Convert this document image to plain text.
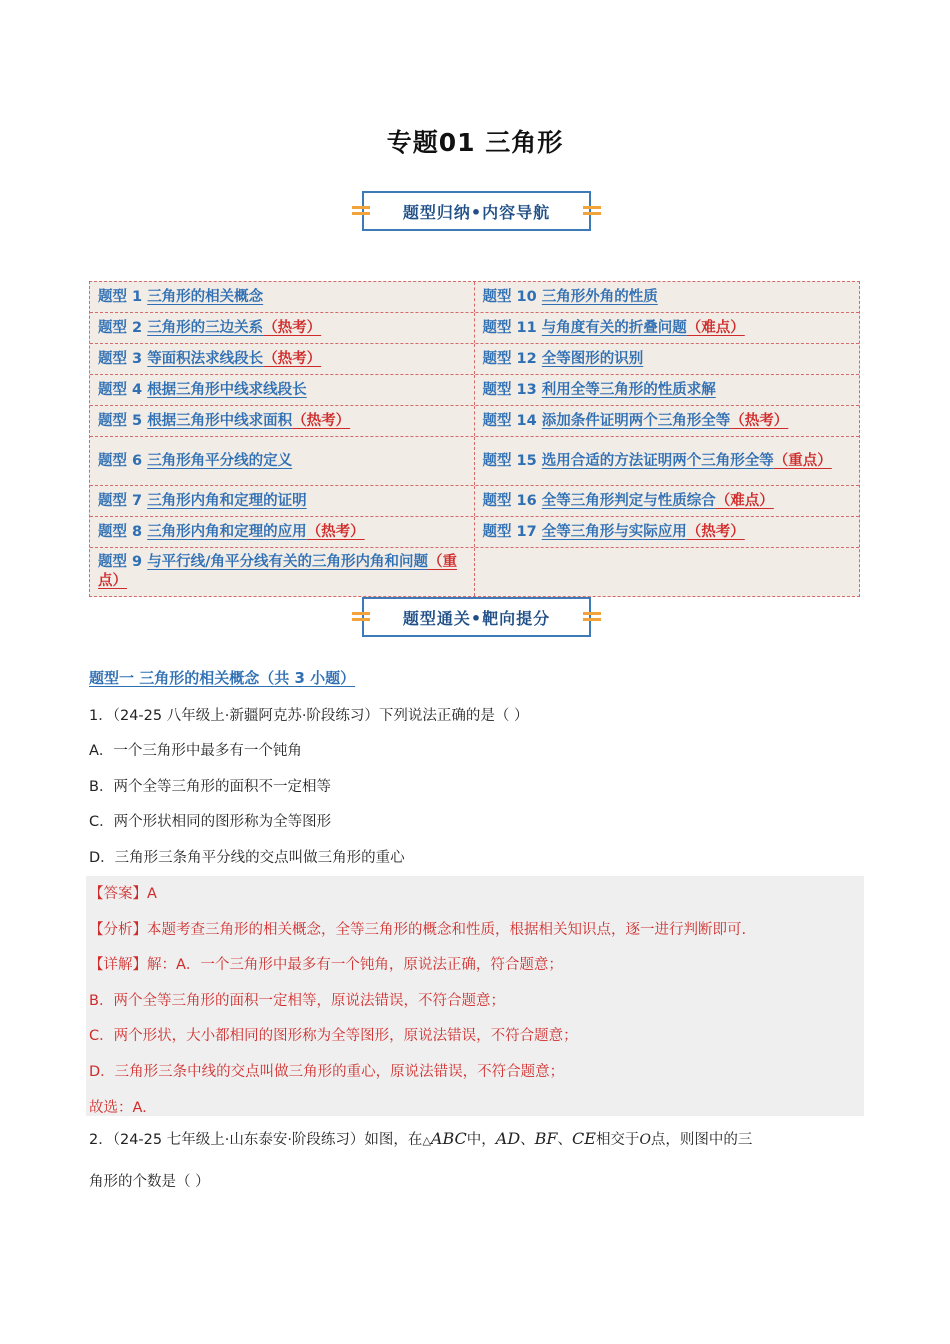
专题01 三角形
题型归纳•内容导航
题型 1 三角形的相关概念	题型 10 三角形外角的性质
题型 2 三角形的三边关系（热考）	题型 11 与角度有关的折叠问题（难点）
题型 3 等面积法求线段长（热考）	题型 12 全等图形的识别
题型 4 根据三角形中线求线段长	题型 13 利用全等三角形的性质求解
题型 5 根据三角形中线求面积（热考）	题型 14 添加条件证明两个三角形全等（热考）
题型 6 三角形角平分线的定义	题型 15 选用合适的方法证明两个三角形全等（重点）
题型 7 三角形内角和定理的证明	题型 16 全等三角形判定与性质综合（难点）
题型 8 三角形内角和定理的应用（热考）	题型 17 全等三角形与实际应用（热考）
题型 9 与平行线/角平分线有关的三角形内角和问题（重点）
题型通关•靶向提分
题型一 三角形的相关概念（共 3 小题）
1．（24-25 八年级上·新疆阿克苏·阶段练习）下列说法正确的是（ ）
A．一个三角形中最多有一个钝角
B．两个全等三角形的面积不一定相等
C．两个形状相同的图形称为全等图形
D．三角形三条角平分线的交点叫做三角形的重心
【答案】A
【分析】本题考查三角形的相关概念，全等三角形的概念和性质，根据相关知识点，逐一进行判断即可.
【详解】解：A．一个三角形中最多有一个钝角，原说法正确，符合题意；
B．两个全等三角形的面积一定相等，原说法错误，不符合题意；
C．两个形状，大小都相同的图形称为全等图形，原说法错误，不符合题意；
D．三角形三条中线的交点叫做三角形的重心，原说法错误，不符合题意；
故选：A.
2．（24-25 七年级上·山东泰安·阶段练习）如图，在△ABC中，AD、BF、CE相交于O点，则图中的三
角形的个数是（ ）
